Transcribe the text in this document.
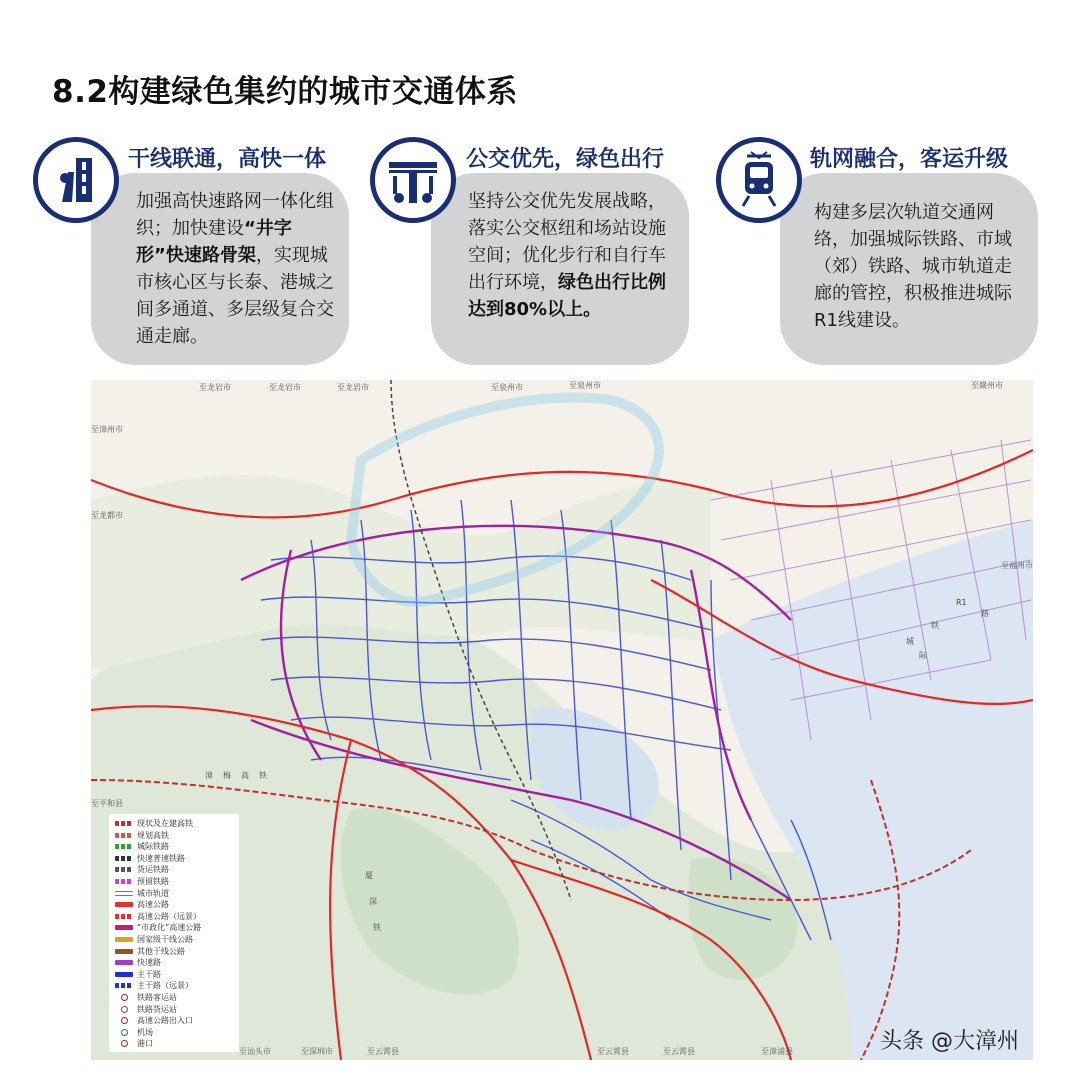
8.2构建绿色集约的城市交通体系
干线联通，高快一体
加强高快速路网一体化组织；加快建设“井字形”快速路骨架，实现城市核心区与长泰、港城之间多通道、多层级复合交通走廊。
公交优先，绿色出行
坚持公交优先发展战略，落实公交枢纽和场站设施空间；优化步行和自行车出行环境，绿色出行比例达到80%以上。
轨网融合，客运升级
构建多层次轨道交通网络，加强城际铁路、市域（郊）铁路、城市轨道走廊的管控，积极推进城际R1线建设。
至龙岩市	至龙岩市	至龙岩市	至泉州市	至泉州市	至赣州市
至漳州市
至龙都市
至平和县
至汕头市	至深圳市	至云霄县	至云霄县	至云霄县
至福州市
至漳浦县
R1
城
际
铁
路
漳 梅 高 铁
厦
深
铁
现状及在建高铁
规划高铁
城际铁路
快速普速铁路
货运铁路
预留铁路
城市轨道
高速公路
高速公路（远景）
“市政化”高速公路
国家级干线公路
其他干线公路
快速路
主干路
主干路（远景）
铁路客运站
铁路货运站
高速公路出入口
机场
港口	头条 @大漳州
